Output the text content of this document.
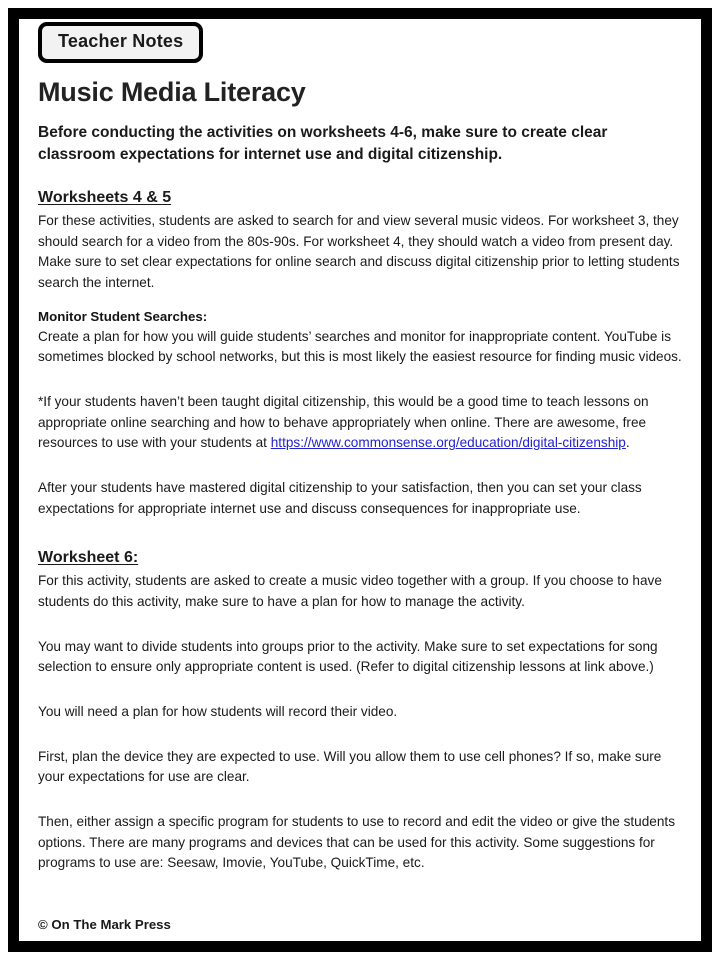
Teacher Notes
Music Media Literacy

Before conducting the activities on worksheets 4-6, make sure to create clear classroom expectations for internet use and digital citizenship.

Worksheets 4 & 5

For these activities, students are asked to search for and view several music videos. For worksheet 3, they should search for a video from the 80s-90s. For worksheet 4, they should watch a video from present day. Make sure to set clear expectations for online search and discuss digital citizenship prior to letting students search the internet.

Monitor Student Searches:

Create a plan for how you will guide students’ searches and monitor for inappropriate content. YouTube is sometimes blocked by school networks, but this is most likely the easiest resource for finding music videos.

*If your students haven’t been taught digital citizenship, this would be a good time to teach lessons on appropriate online searching and how to behave appropriately when online. There are awesome, free resources to use with your students at https://www.commonsense.org/education/digital-citizenship.

After your students have mastered digital citizenship to your satisfaction, then you can set your class expectations for appropriate internet use and discuss consequences for inappropriate use.

Worksheet 6:

For this activity, students are asked to create a music video together with a group. If you choose to have students do this activity, make sure to have a plan for how to manage the activity.

You may want to divide students into groups prior to the activity. Make sure to set expectations for song selection to ensure only appropriate content is used. (Refer to digital citizenship lessons at link above.)

You will need a plan for how students will record their video.

First, plan the device they are expected to use. Will you allow them to use cell phones? If so, make sure your expectations for use are clear.

Then, either assign a specific program for students to use to record and edit the video or give the students options. There are many programs and devices that can be used for this activity. Some suggestions for programs to use are: Seesaw, Imovie, YouTube, QuickTime, etc.

© On The Mark Press
